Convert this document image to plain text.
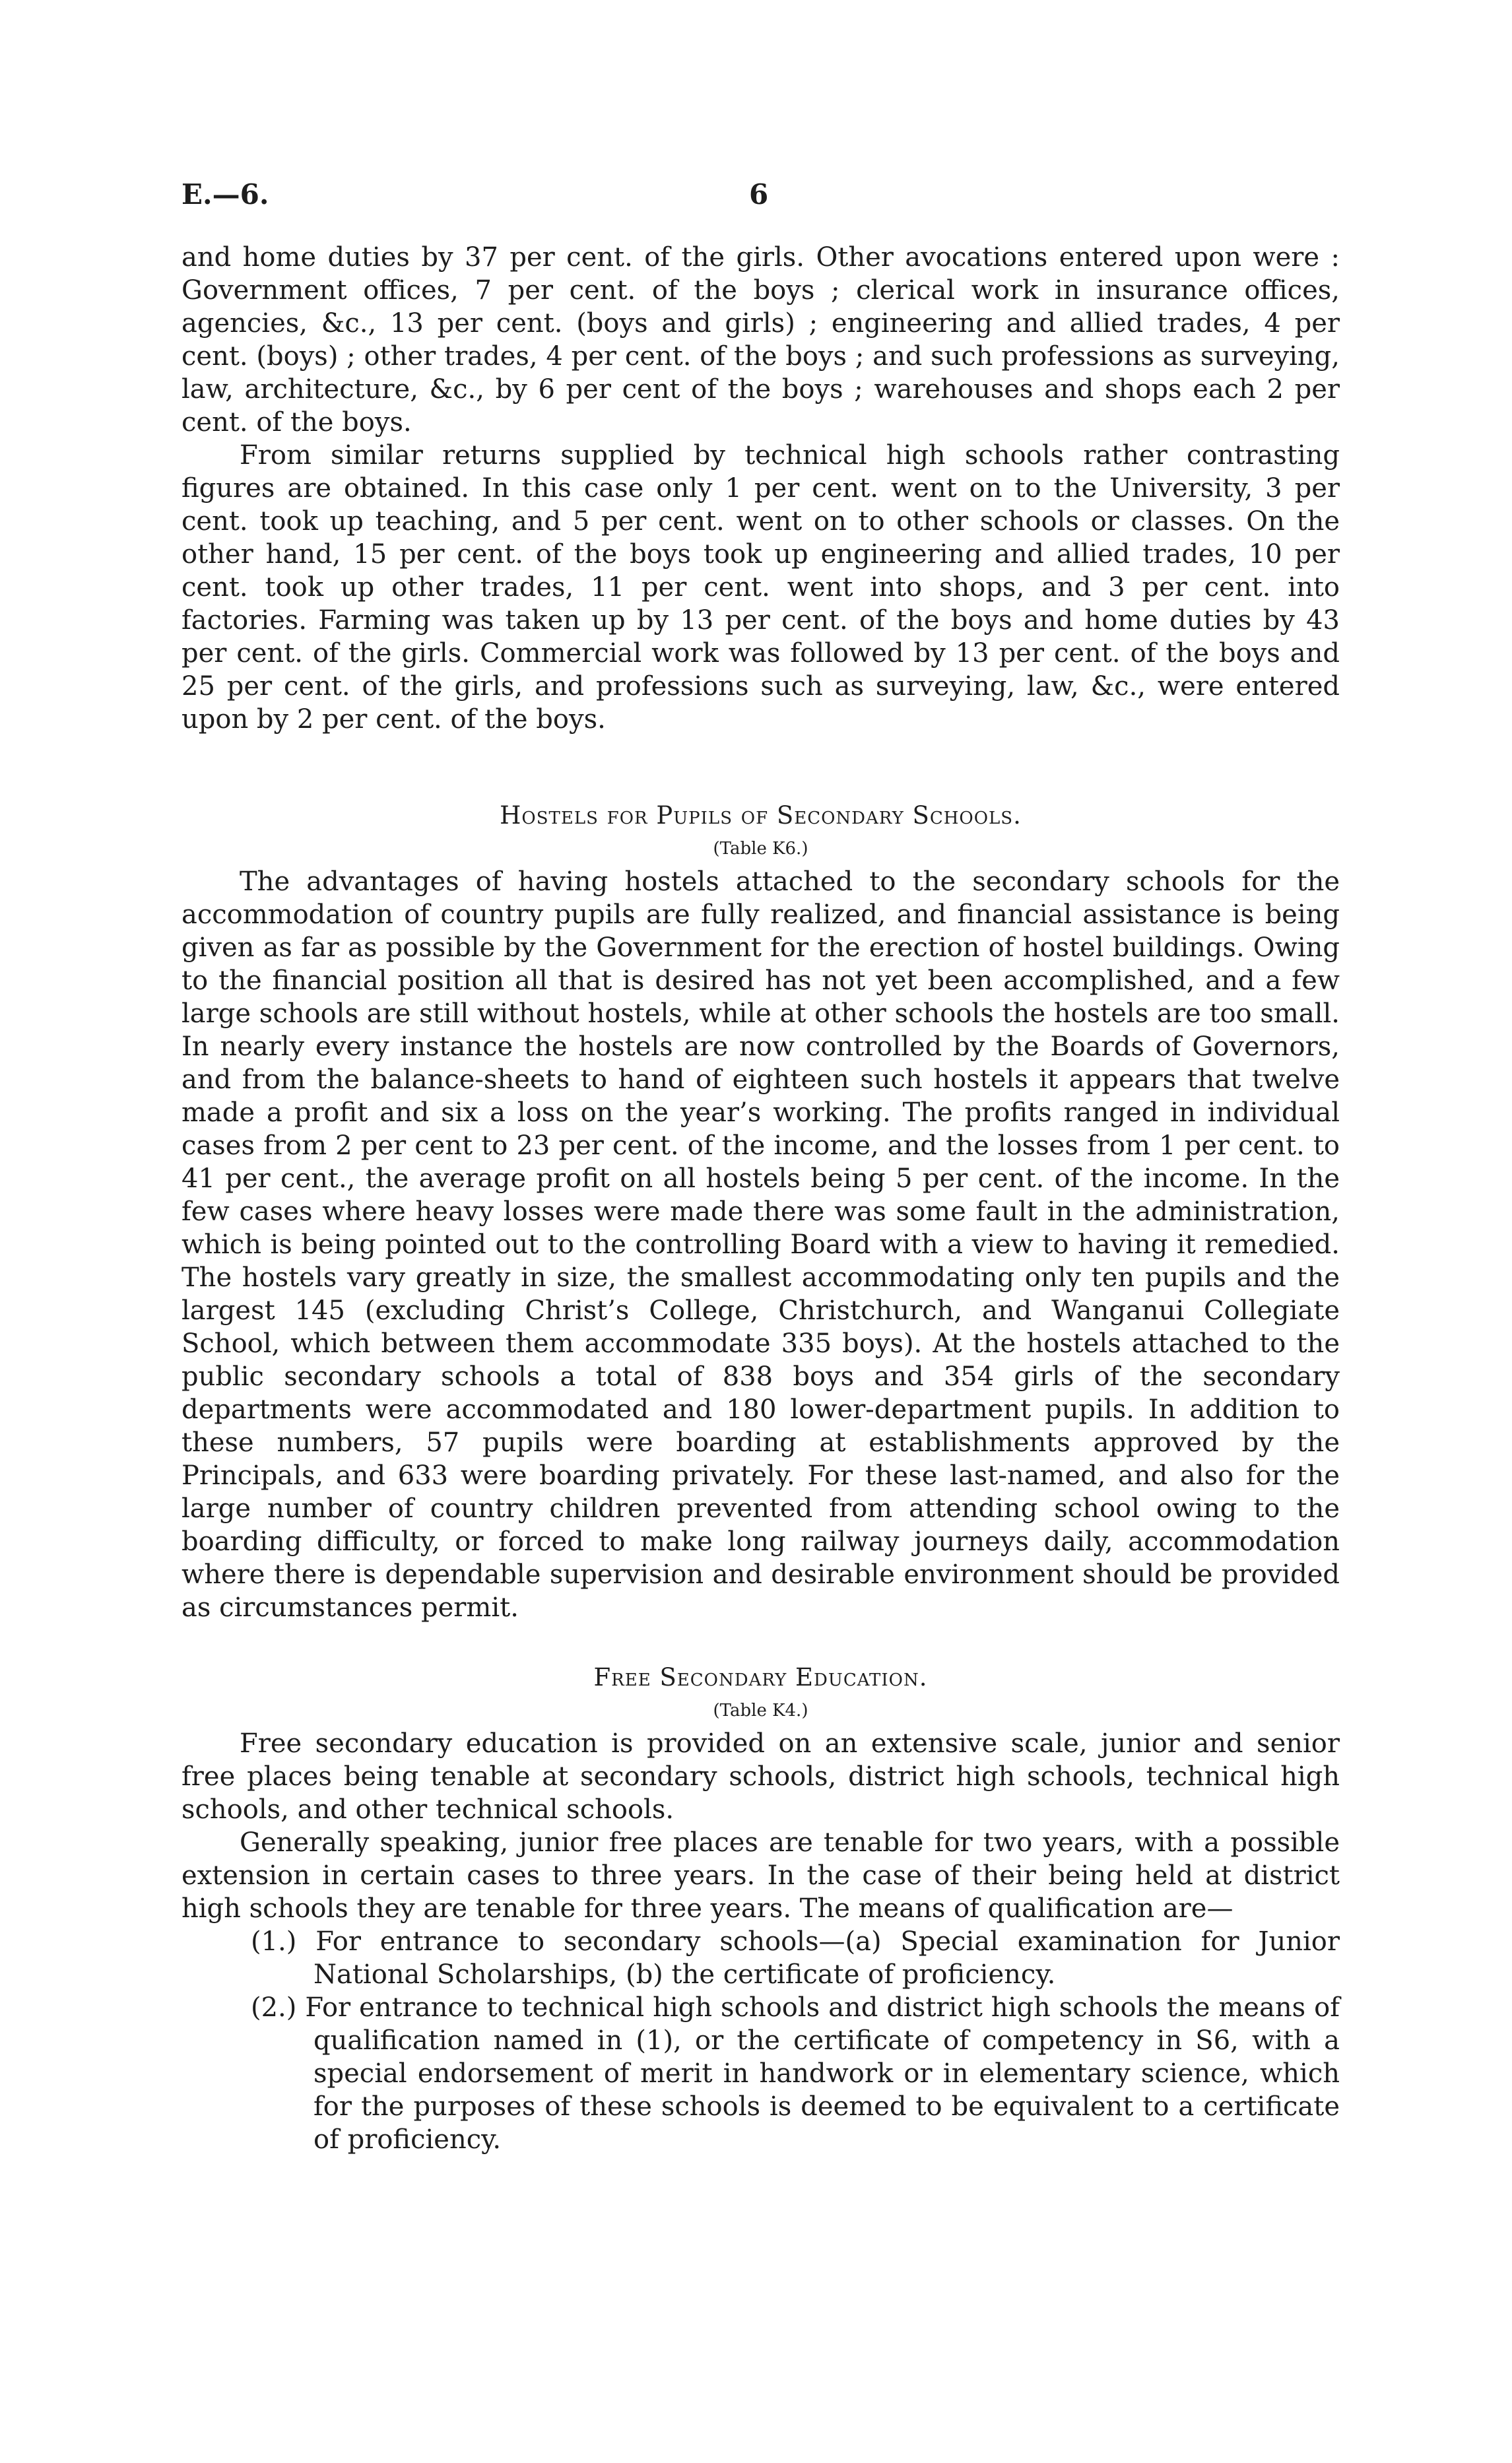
E.—6.	6

and home duties by 37 per cent. of the girls. Other avocations entered upon were : Government offices, 7 per cent. of the boys ; clerical work in insurance offices, agencies, &c., 13 per cent. (boys and girls) ; engineering and allied trades, 4 per cent. (boys) ; other trades, 4 per cent. of the boys ; and such professions as surveying, law, architecture, &c., by 6 per cent of the boys ; warehouses and shops each 2 per cent. of the boys.

From similar returns supplied by technical high schools rather contrasting figures are obtained. In this case only 1 per cent. went on to the University, 3 per cent. took up teaching, and 5 per cent. went on to other schools or classes. On the other hand, 15 per cent. of the boys took up engineering and allied trades, 10 per cent. took up other trades, 11 per cent. went into shops, and 3 per cent. into factories. Farming was taken up by 13 per cent. of the boys and home duties by 43 per cent. of the girls. Commercial work was followed by 13 per cent. of the boys and 25 per cent. of the girls, and professions such as surveying, law, &c., were entered upon by 2 per cent. of the boys.

Hostels for Pupils of Secondary Schools.

(Table K6.)

The advantages of having hostels attached to the secondary schools for the accommodation of country pupils are fully realized, and financial assistance is being given as far as possible by the Government for the erection of hostel buildings. Owing to the financial position all that is desired has not yet been accomplished, and a few large schools are still without hostels, while at other schools the hostels are too small. In nearly every instance the hostels are now controlled by the Boards of Governors, and from the balance-sheets to hand of eighteen such hostels it appears that twelve made a profit and six a loss on the year’s working. The profits ranged in individual cases from 2 per cent to 23 per cent. of the income, and the losses from 1 per cent. to 41 per cent., the average profit on all hostels being 5 per cent. of the income. In the few cases where heavy losses were made there was some fault in the administration, which is being pointed out to the controlling Board with a view to having it remedied. The hostels vary greatly in size, the smallest accommodating only ten pupils and the largest 145 (excluding Christ’s College, Christchurch, and Wanganui Collegiate School, which between them accommodate 335 boys). At the hostels attached to the public secondary schools a total of 838 boys and 354 girls of the secondary departments were accommodated and 180 lower-department pupils. In addition to these numbers, 57 pupils were boarding at establishments approved by the Principals, and 633 were boarding privately. For these last-named, and also for the large number of country children prevented from attending school owing to the boarding difficulty, or forced to make long railway journeys daily, accommodation where there is dependable supervision and desirable environment should be provided as circumstances permit.

Free Secondary Education.

(Table K4.)

Free secondary education is provided on an extensive scale, junior and senior free places being tenable at secondary schools, district high schools, technical high schools, and other technical schools.

Generally speaking, junior free places are tenable for two years, with a possible extension in certain cases to three years. In the case of their being held at district high schools they are tenable for three years. The means of qualification are—

(1.) For entrance to secondary schools—(a) Special examination for Junior National Scholarships, (b) the certificate of proficiency.

(2.) For entrance to technical high schools and district high schools the means of qualification named in (1), or the certificate of competency in S6, with a special endorsement of merit in handwork or in elementary science, which for the purposes of these schools is deemed to be equivalent to a certificate of proficiency.
